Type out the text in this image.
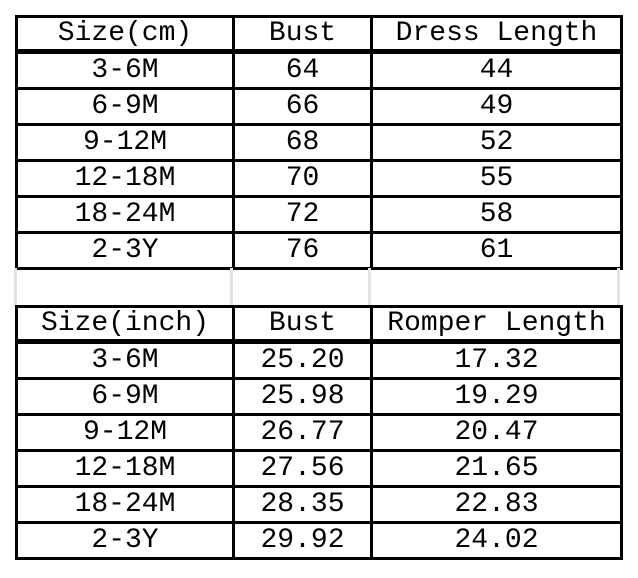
Size(cm)	Bust	Dress Length
3-6M	64	44
6-9M	66	49
9-12M	68	52
12-18M	70	55
18-24M	72	58
2-3Y	76	61
Size(inch)	Bust	Romper Length
3-6M	25.20	17.32
6-9M	25.98	19.29
9-12M	26.77	20.47
12-18M	27.56	21.65
18-24M	28.35	22.83
2-3Y	29.92	24.02
